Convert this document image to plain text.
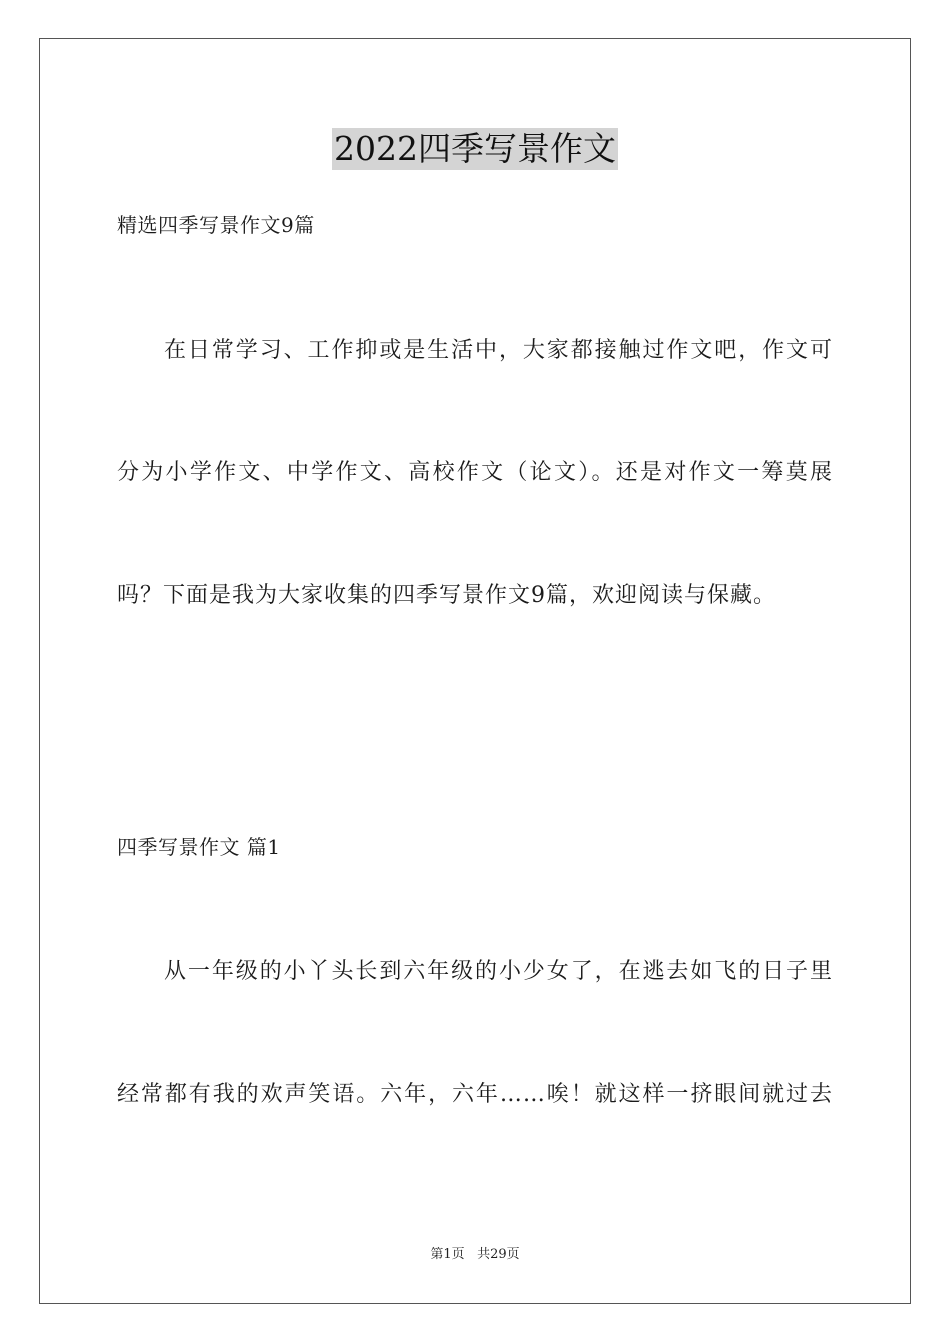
2022四季写景作文
精选四季写景作文9篇
在日常学习、工作抑或是生活中，大家都接触过作文吧，作文可
分为小学作文、中学作文、高校作文（论文）。还是对作文一筹莫展
吗？下面是我为大家收集的四季写景作文9篇，欢迎阅读与保藏。
四季写景作文 篇1
从一年级的小丫头长到六年级的小少女了，在逃去如飞的日子里
经常都有我的欢声笑语。六年，六年……唉！就这样一挤眼间就过去
第1页 共29页
